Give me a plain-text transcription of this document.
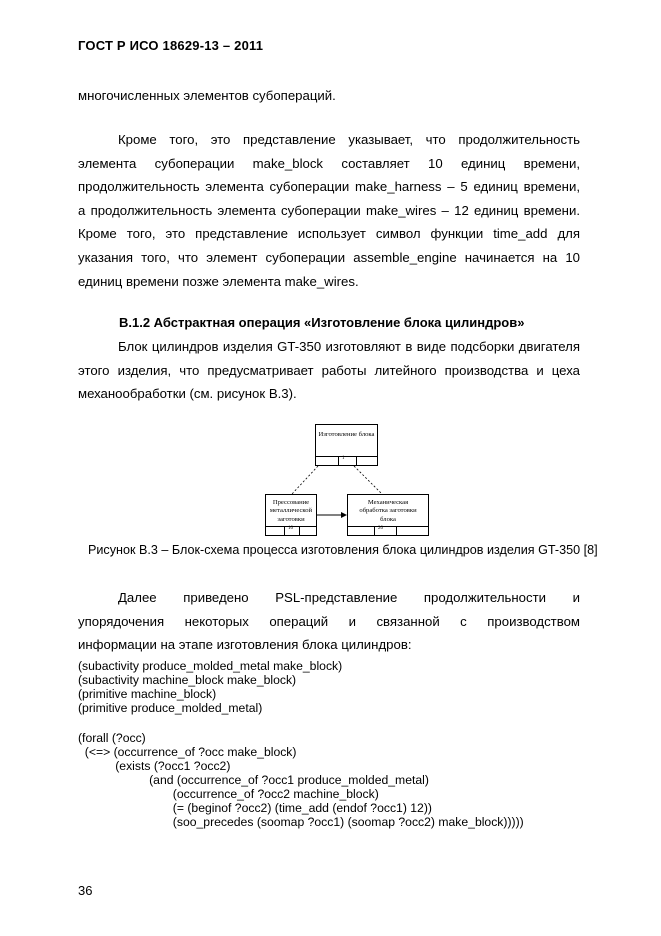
ГОСТ Р ИСО 18629-13 – 2011
многочисленных элементов субопераций.
Кроме того, это представление указывает, что продолжительность
элемента субоперации make_block составляет 10 единиц времени,
продолжительность элемента субоперации make_harness – 5 единиц времени,
а продолжительность элемента субоперации make_wires – 12 единиц времени.
Кроме того, это представление использует символ функции time_add для
указания того, что элемент субоперации assemble_engine начинается на 10
единиц времени позже элемента make_wires.
B.1.2 Абстрактная операция «Изготовление блока цилиндров»
Блок цилиндров изделия GT-350 изготовляют в виде подсборки двигателя
этого изделия, что предусматривает работы литейного производства и цеха
механообработки (см. рисунок B.3).
Изготовление блока
1
Прессование металлической заготовки
10
Механическая обработка заготовки блока
20
Рисунок B.3 – Блок-схема процесса изготовления блока цилиндров изделия GT-350 [8]
Далее приведено PSL-представление продолжительности и
упорядочения некоторых операций и связанной с производством
информации на этапе изготовления блока цилиндров:
(subactivity produce_molded_metal make_block)
(subactivity machine_block make_block)
(primitive machine_block)
(primitive produce_molded_metal)
(forall (?occ)
(<=> (occurrence_of ?occ make_block)
(exists (?occ1 ?occ2)
(and (occurrence_of ?occ1 produce_molded_metal)
(occurrence_of ?occ2 machine_block)
(= (beginof ?occ2) (time_add (endof ?occ1) 12))
(soo_precedes (soomap ?occ1) (soomap ?occ2) make_block)))))
36
